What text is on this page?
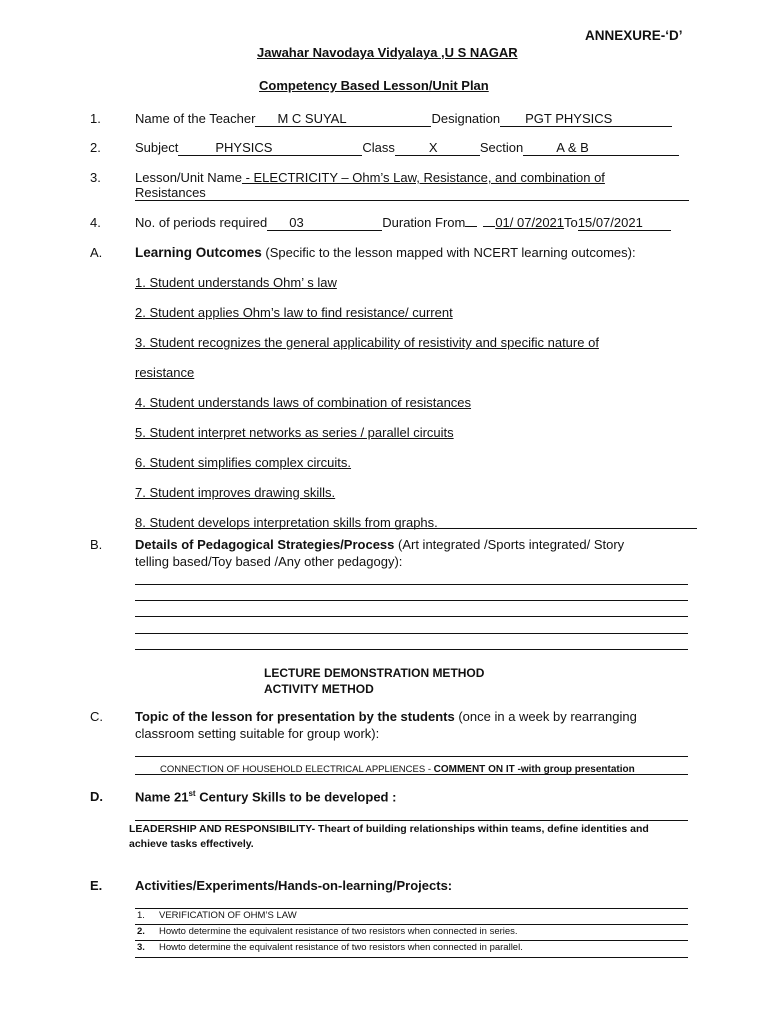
ANNEXURE-‘D’
Jawahar Navodaya Vidyalaya ,U S NAGAR
Competency Based Lesson/Unit Plan
1.	Name of the Teacher M C SUYAL	Designation PGT PHYSICS
2.	Subject	PHYSICS	Class	X	Section	A & B
3.	Lesson/Unit Name - ELECTRICITY – Ohm’s Law, Resistance, and combination of
Resistances
4.	No. of periods required 03	Duration From 01/ 07/2021To15/07/2021
A. Learning Outcomes (Specific to the lesson mapped with NCERT learning outcomes):
1. Student understands Ohm’ s law
2. Student applies Ohm’s law to find resistance/ current
3. Student recognizes the general applicability of resistivity and specific nature of
resistance
4. Student understands laws of combination of resistances
5. Student interpret networks as series / parallel circuits
6. Student simplifies complex circuits.
7. Student improves drawing skills.
8. Student develops interpretation skills from graphs.
B.	Details of Pedagogical Strategies/Process (Art integrated /Sports integrated/ Story
telling based/Toy based /Any other pedagogy):
LECTURE DEMONSTRATION METHOD
ACTIVITY METHOD
C. Topic of the lesson for presentation by the students (once in a week by rearranging
classroom setting suitable for group work):
CONNECTION OF HOUSEHOLD ELECTRICAL APPLIENCES - COMMENT ON IT -with group presentation
D. Name 21st Century Skills to be developed :
LEADERSHIP AND RESPONSIBILITY- Theart of building relationships within teams, define identities and
achieve tasks effectively.
E.	Activities/Experiments/Hands-on-learning/Projects:
1. VERIFICATION OF OHM’S LAW
2. Howto determine the equivalent resistance of two resistors when connected in series.
3. Howto determine the equivalent resistance of two resistors when connected in parallel.
